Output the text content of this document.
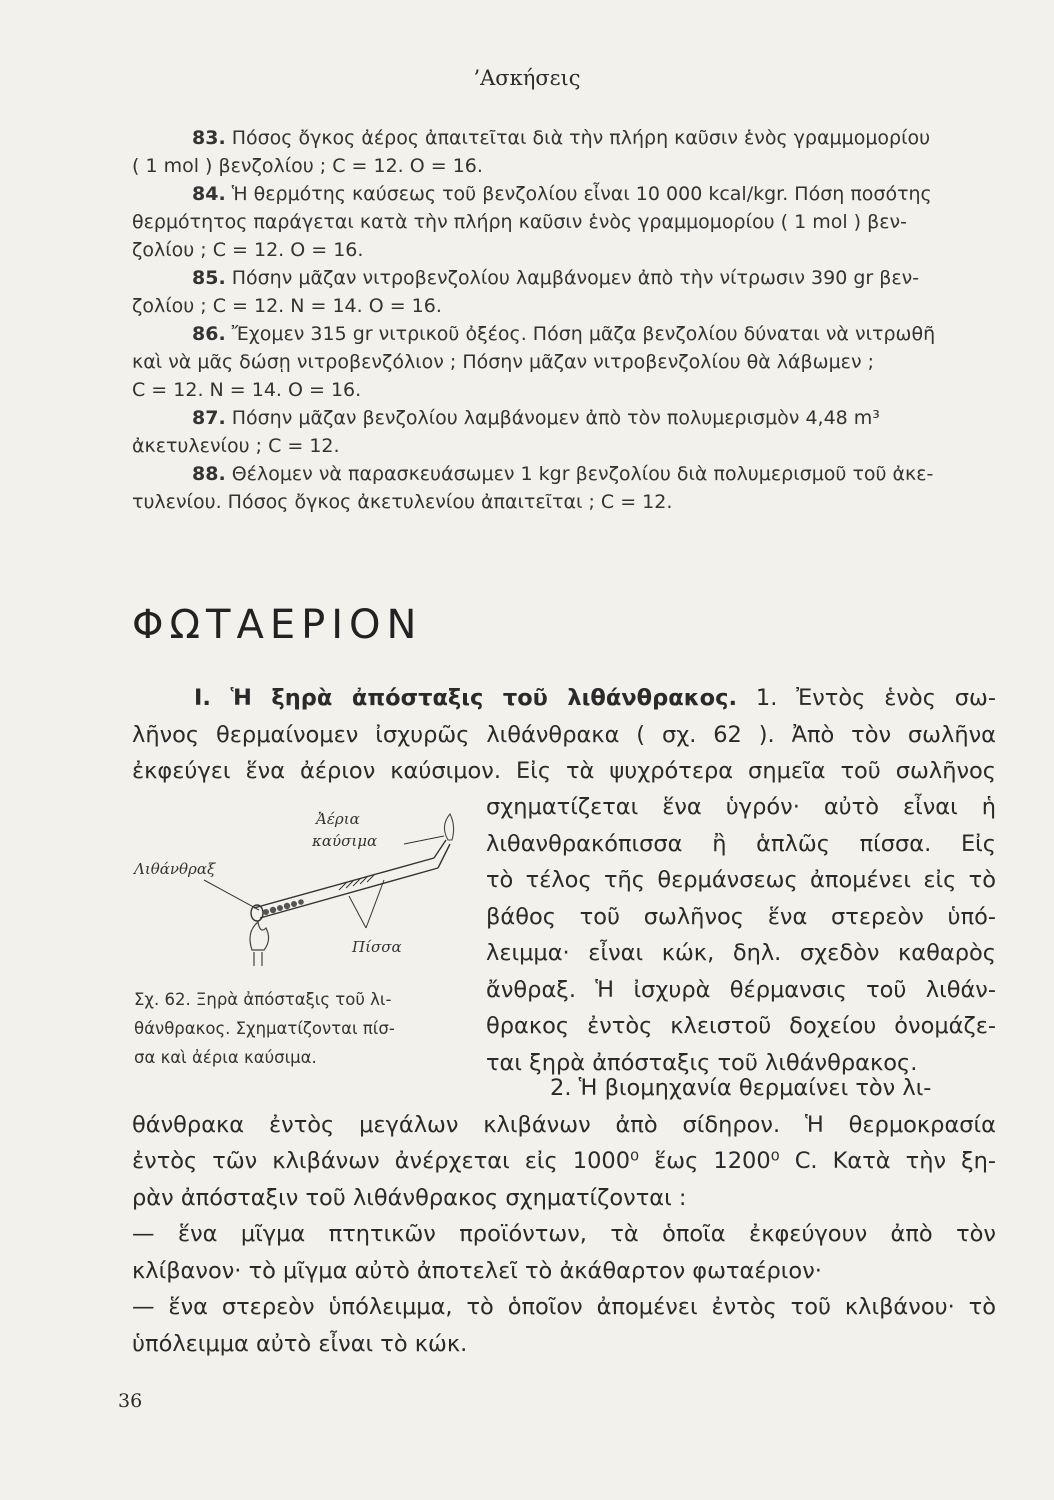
’Ασκήσεις

83. Πόσος ὄγκος ἀέρος ἀπαιτεῖται διὰ τὴν πλήρη καῦσιν ἑνὸς γραμμομορίου

( 1 mol ) βενζολίου ; C = 12. O = 16.

84. Ἡ θερμότης καύσεως τοῦ βενζολίου εἶναι 10 000 kcal/kgr. Πόση ποσότης

θερμότητος παράγεται κατὰ τὴν πλήρη καῦσιν ἑνὸς γραμμομορίου ( 1 mol ) βεν-

ζολίου ; C = 12. O = 16.

85. Πόσην μᾶζαν νιτροβενζολίου λαμβάνομεν ἀπὸ τὴν νίτρωσιν 390 gr βεν-

ζολίου ; C = 12. N = 14. O = 16.

86. Ἔχομεν 315 gr νιτρικοῦ ὀξέος. Πόση μᾶζα βενζολίου δύναται νὰ νιτρωθῆ

καὶ νὰ μᾶς δώσῃ νιτροβενζόλιον ; Πόσην μᾶζαν νιτροβενζολίου θὰ λάβωμεν ;

C = 12. N = 14. O = 16.

87. Πόσην μᾶζαν βενζολίου λαμβάνομεν ἀπὸ τὸν πολυμερισμὸν 4,48 m³

ἀκετυλενίου ; C = 12.

88. Θέλομεν νὰ παρασκευάσωμεν 1 kgr βενζολίου διὰ πολυμερισμοῦ τοῦ ἀκε-

τυλενίου. Πόσος ὄγκος ἀκετυλενίου ἀπαιτεῖται ; C = 12.

ΦΩΤΑΕΡΙΟΝ
Ι. Ἡ ξηρὰ ἀπόσταξις τοῦ λιθάνθρακος. 1. Ἐντὸς ἑνὸς σω-
λῆνος θερμαίνομεν ἰσχυρῶς λιθάνθρακα ( σχ. 62 ). Ἀπὸ τὸν σωλῆνα
ἐκφεύγει ἕνα ἀέριον καύσιμον. Εἰς τὰ ψυχρότερα σημεῖα τοῦ σωλῆνος
σχηματίζεται ἕνα ὑγρόν· αὐτὸ εἶναι ἡ
λιθανθρακόπισσα ἢ ἁπλῶς πίσσα. Εἰς
τὸ τέλος τῆς θερμάνσεως ἀπομένει εἰς τὸ
βάθος τοῦ σωλῆνος ἕνα στερεὸν ὑπό-
λειμμα· εἶναι κώκ, δηλ. σχεδὸν καθαρὸς
ἄνθραξ. Ἡ ἰσχυρὰ θέρμανσις τοῦ λιθάν-
θρακος ἐντὸς κλειστοῦ δοχείου ὀνομάζε-
ται ξηρὰ ἀπόσταξις τοῦ λιθάνθρακος.
Ἀέρια
καύσιμα
Λιθάνθραξ
Πίσσα
Σχ. 62. Ξηρὰ ἀπόσταξις τοῦ λι-
θάνθρακος. Σχηματίζονται πίσ-
σα καὶ ἀέρια καύσιμα.
2. Ἡ βιομηχανία θερμαίνει τὸν λι-
θάνθρακα ἐντὸς μεγάλων κλιβάνων ἀπὸ σίδηρον. Ἡ θερμοκρασία
ἐντὸς τῶν κλιβάνων ἀνέρχεται εἰς 1000⁰ ἕως 1200⁰ C. Κατὰ τὴν ξη-
ρὰν ἀπόσταξιν τοῦ λιθάνθρακος σχηματίζονται :
— ἕνα μῖγμα πτητικῶν προϊόντων, τὰ ὁποῖα ἐκφεύγουν ἀπὸ τὸν
κλίβανον· τὸ μῖγμα αὐτὸ ἀποτελεῖ τὸ ἀκάθαρτον φωταέριον·
— ἕνα στερεὸν ὑπόλειμμα, τὸ ὁποῖον ἀπομένει ἐντὸς τοῦ κλιβάνου· τὸ
ὑπόλειμμα αὐτὸ εἶναι τὸ κώκ.
36
